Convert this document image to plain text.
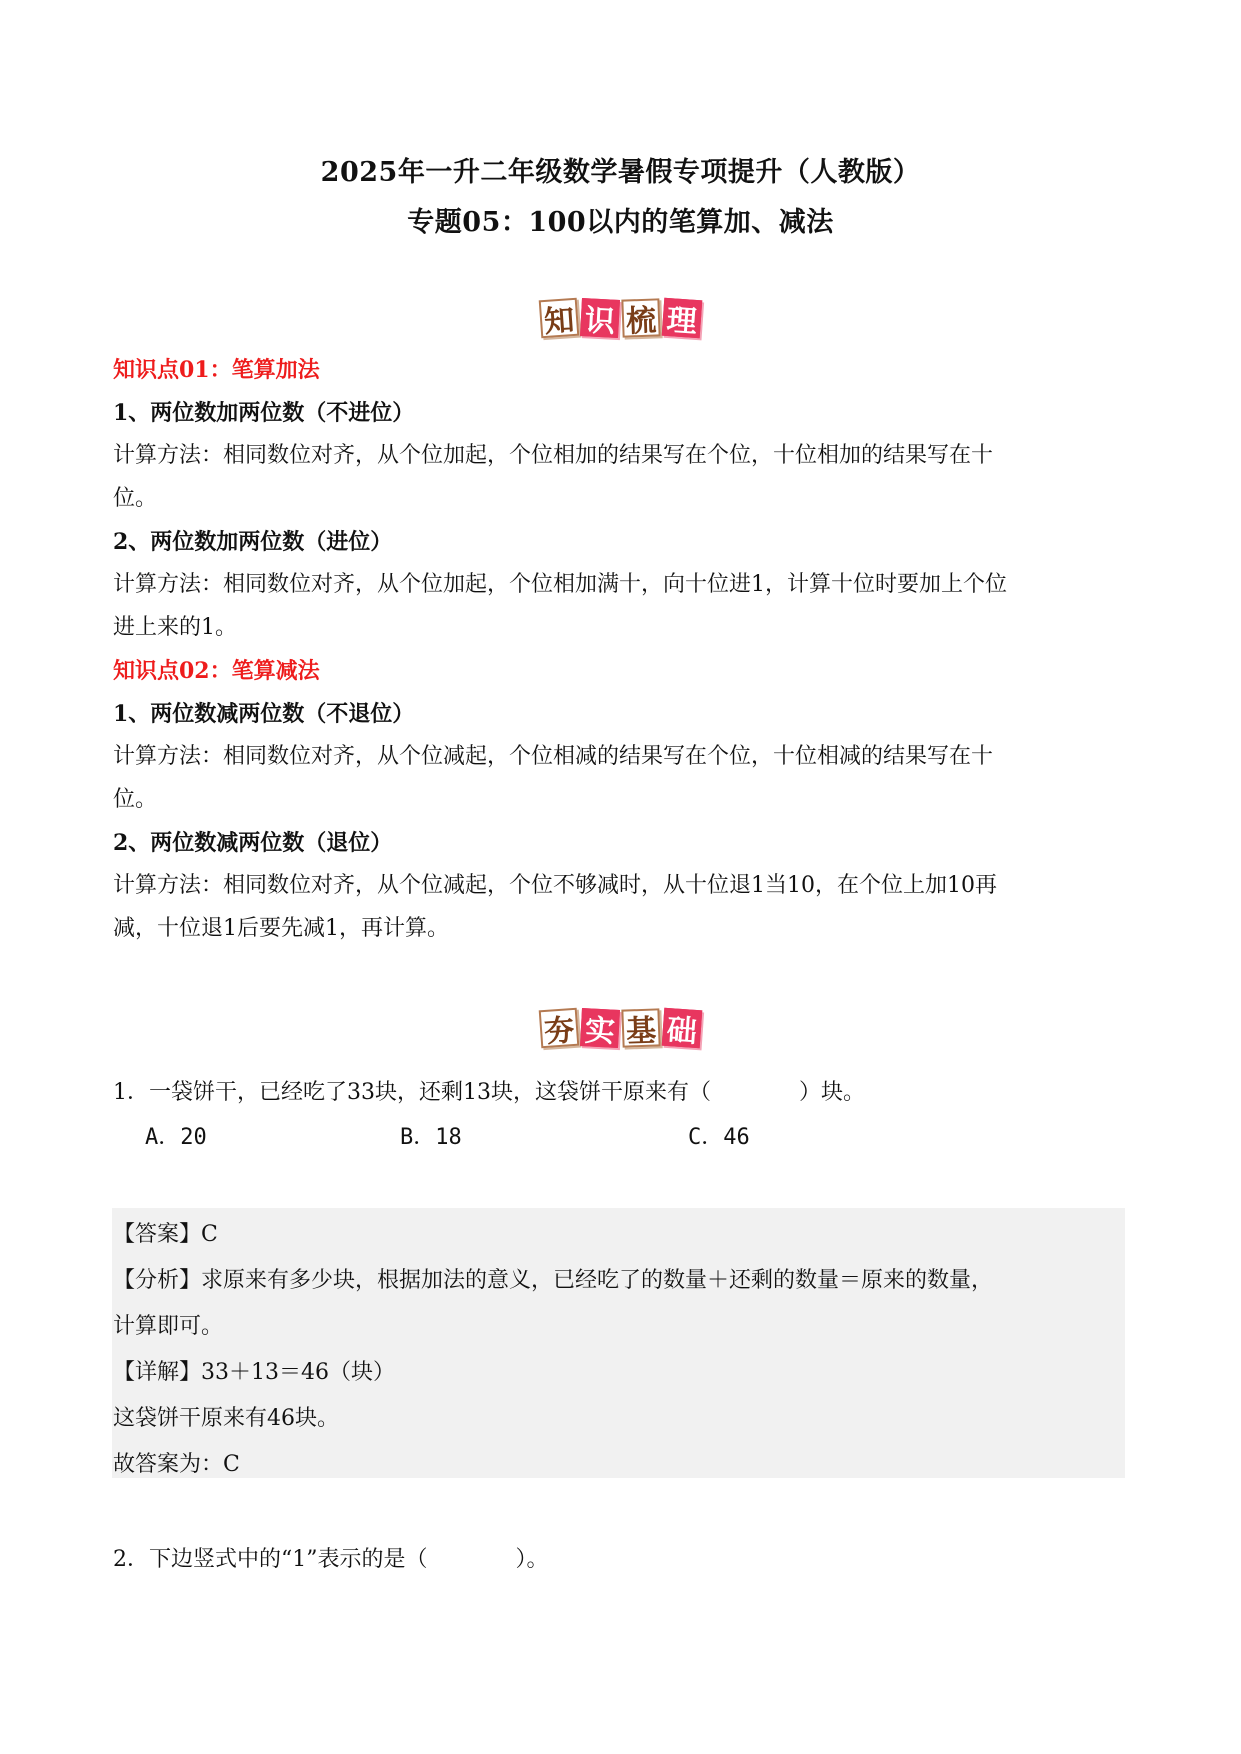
2025年一升二年级数学暑假专项提升（人教版）
专题05：100以内的笔算加、减法
知 识 梳 理
知识点01：笔算加法
1、两位数加两位数（不进位）
计算方法：相同数位对齐，从个位加起，个位相加的结果写在个位，十位相加的结果写在十
位。
2、两位数加两位数（进位）
计算方法：相同数位对齐，从个位加起，个位相加满十，向十位进1，计算十位时要加上个位
进上来的1。
知识点02：笔算减法
1、两位数减两位数（不退位）
计算方法：相同数位对齐，从个位减起，个位相减的结果写在个位，十位相减的结果写在十
位。
2、两位数减两位数（退位）
计算方法：相同数位对齐，从个位减起，个位不够减时，从十位退1当10，在个位上加10再
减，十位退1后要先减1，再计算。
夯 实 基 础
1．一袋饼干，已经吃了33块，还剩13块，这袋饼干原来有（　　　　）块。
A．20	B．18	C．46
【答案】C
【分析】求原来有多少块，根据加法的意义，已经吃了的数量＋还剩的数量＝原来的数量，
计算即可。
【详解】33＋13＝46（块）
这袋饼干原来有46块。
故答案为：C
2．下边竖式中的“1”表示的是（　　　　）。
